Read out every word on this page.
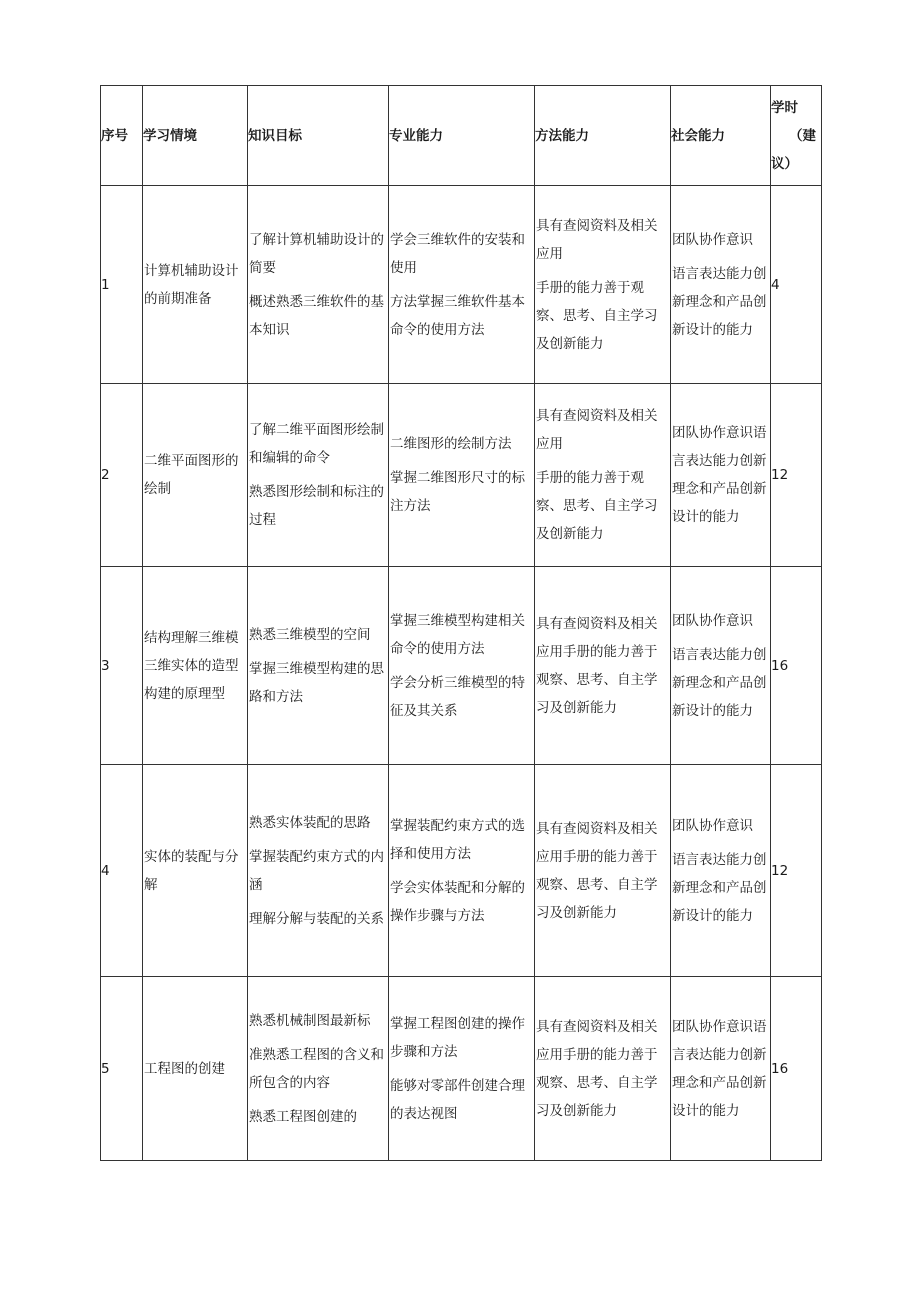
序号	学习情境	知识目标	专业能力	方法能力	社会能力	学时
（建
议）

1	计算机辅助设计的前期准备	了解计算机辅助设计的简要
概述熟悉三维软件的基本知识	学会三维软件的安装和使用
方法掌握三维软件基本命令的使用方法	具有查阅资料及相关应用
手册的能力善于观察、思考、自主学习及创新能力	团队协作意识
语言表达能力创新理念和产品创新设计的能力	4
2	二维平面图形的绘制	了解二维平面图形绘制和编辑的命令
熟悉图形绘制和标注的过程	二维图形的绘制方法
掌握二维图形尺寸的标注方法	具有查阅资料及相关应用
手册的能力善于观察、思考、自主学习及创新能力	团队协作意识语言表达能力创新理念和产品创新设计的能力	12
3	结构理解三维模三维实体的造型构建的原理型	熟悉三维模型的空间
掌握三维模型构建的思路和方法	掌握三维模型构建相关命令的使用方法
学会分析三维模型的特征及其关系	具有查阅资料及相关应用手册的能力善于观察、思考、自主学习及创新能力	团队协作意识
语言表达能力创新理念和产品创新设计的能力	16
4	实体的装配与分解	熟悉实体装配的思路
掌握装配约束方式的内涵
理解分解与装配的关系	掌握装配约束方式的选择和使用方法
学会实体装配和分解的操作步骤与方法	具有查阅资料及相关应用手册的能力善于观察、思考、自主学习及创新能力	团队协作意识
语言表达能力创新理念和产品创新设计的能力	12
5	工程图的创建	熟悉机械制图最新标
准熟悉工程图的含义和所包含的内容
熟悉工程图创建的	掌握工程图创建的操作步骤和方法
能够对零部件创建合理的表达视图	具有查阅资料及相关应用手册的能力善于观察、思考、自主学习及创新能力	团队协作意识语言表达能力创新理念和产品创新设计的能力	16
